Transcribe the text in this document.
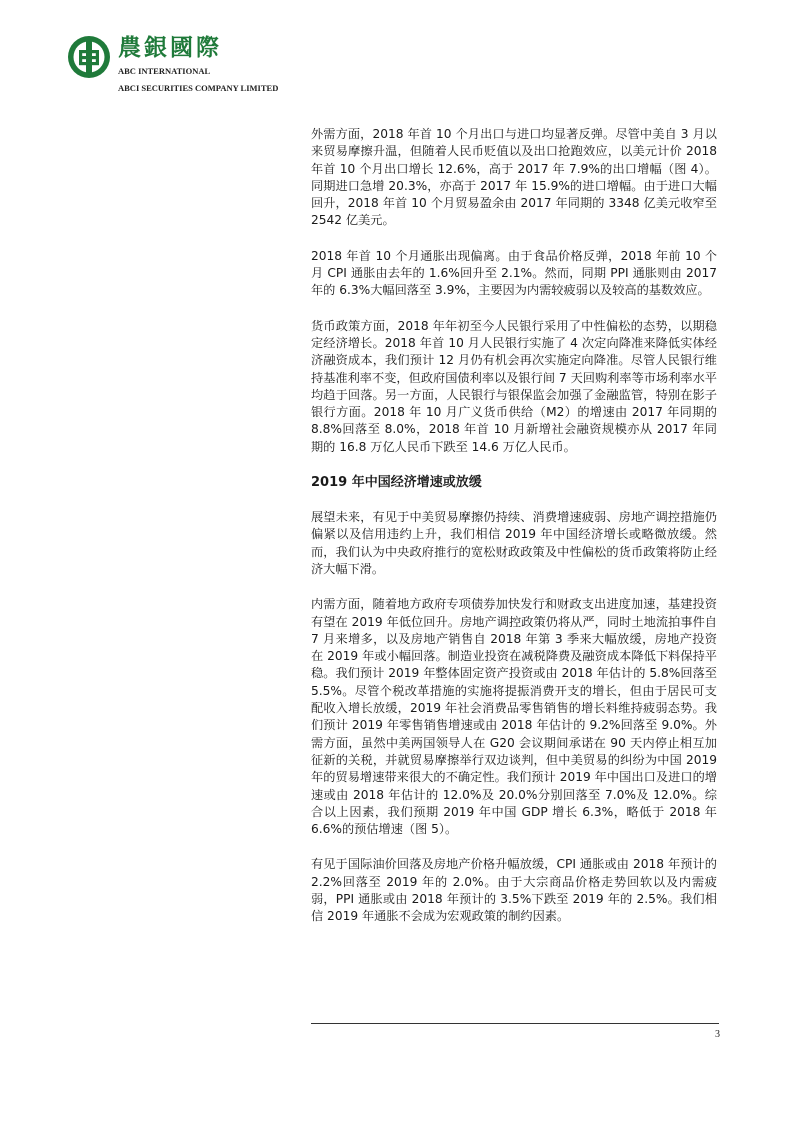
農銀國際
ABC INTERNATIONAL
ABCI SECURITIES COMPANY LIMITED

外需方面，2018 年首 10 个月出口与进口均显著反弹。尽管中美自 3 月以来贸易摩擦升温，但随着人民币贬值以及出口抢跑效应，以美元计价 2018 年首 10 个月出口增长 12.6%，高于 2017 年 7.9%的出口增幅（图 4）。同期进口急增 20.3%，亦高于 2017 年 15.9%的进口增幅。由于进口大幅回升，2018 年首 10 个月贸易盈余由 2017 年同期的 3348 亿美元收窄至 2542 亿美元。

2018 年首 10 个月通胀出现偏离。由于食品价格反弹，2018 年前 10 个月 CPI 通胀由去年的 1.6%回升至 2.1%。然而，同期 PPI 通胀则由 2017 年的 6.3%大幅回落至 3.9%，主要因为内需较疲弱以及较高的基数效应。

货币政策方面，2018 年年初至今人民银行采用了中性偏松的态势，以期稳定经济增长。2018 年首 10 月人民银行实施了 4 次定向降准来降低实体经济融资成本，我们预计 12 月仍有机会再次实施定向降准。尽管人民银行维持基准利率不变，但政府国债利率以及银行间 7 天回购利率等市场利率水平均趋于回落。另一方面，人民银行与银保监会加强了金融监管，特别在影子银行方面。2018 年 10 月广义货币供给（M2）的增速由 2017 年同期的 8.8%回落至 8.0%，2018 年首 10 月新增社会融资规模亦从 2017 年同期的 16.8 万亿人民币下跌至 14.6 万亿人民币。

2019 年中国经济增速或放缓

展望未来，有见于中美贸易摩擦仍持续、消费增速疲弱、房地产调控措施仍偏紧以及信用违约上升，我们相信 2019 年中国经济增长或略微放缓。然而，我们认为中央政府推行的宽松财政政策及中性偏松的货币政策将防止经济大幅下滑。

内需方面，随着地方政府专项债券加快发行和财政支出进度加速，基建投资有望在 2019 年低位回升。房地产调控政策仍将从严，同时土地流拍事件自 7 月来增多，以及房地产销售自 2018 年第 3 季来大幅放缓，房地产投资在 2019 年或小幅回落。制造业投资在减税降费及融资成本降低下料保持平稳。我们预计 2019 年整体固定资产投资或由 2018 年估计的 5.8%回落至 5.5%。尽管个税改革措施的实施将提振消费开支的增长，但由于居民可支配收入增长放缓，2019 年社会消费品零售销售的增长料维持疲弱态势。我们预计 2019 年零售销售增速或由 2018 年估计的 9.2%回落至 9.0%。外需方面，虽然中美两国领导人在 G20 会议期间承诺在 90 天内停止相互加征新的关税，并就贸易摩擦举行双边谈判，但中美贸易的纠纷为中国 2019 年的贸易增速带来很大的不确定性。我们预计 2019 年中国出口及进口的增速或由 2018 年估计的 12.0%及 20.0%分别回落至 7.0%及 12.0%。综合以上因素，我们预期 2019 年中国 GDP 增长 6.3%，略低于 2018 年 6.6%的预估增速（图 5）。

有见于国际油价回落及房地产价格升幅放缓，CPI 通胀或由 2018 年预计的 2.2%回落至 2019 年的 2.0%。由于大宗商品价格走势回软以及内需疲弱，PPI 通胀或由 2018 年预计的 3.5%下跌至 2019 年的 2.5%。我们相信 2019 年通胀不会成为宏观政策的制约因素。

3
